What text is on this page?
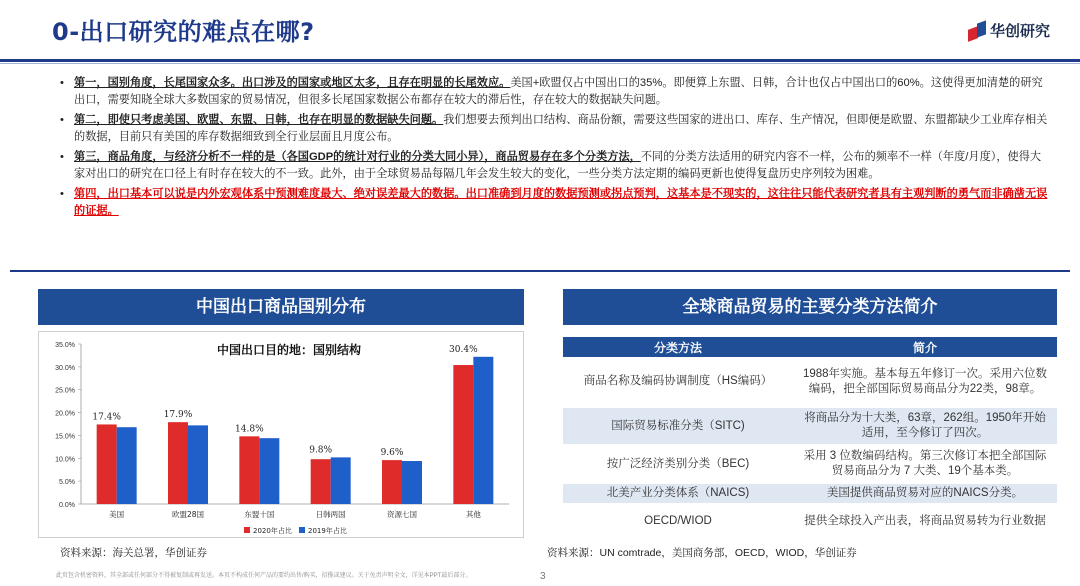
0-出口研究的难点在哪?	华创研究
• 第一，国别角度，长尾国家众多。出口涉及的国家或地区太多，且存在明显的长尾效应。美国+欧盟仅占中国出口的35%。即便算上东盟、日韩，合计也仅占中国出口的60%。这使得更加清楚的研究出口，需要知晓全球大多数国家的贸易情况，但很多长尾国家数据公布都存在较大的滞后性，存在较大的数据缺失问题。
• 第二，即使只考虑美国、欧盟、东盟、日韩，也存在明显的数据缺失问题。我们想要去预判出口结构、商品份额，需要这些国家的进出口、库存、生产情况，但即便是欧盟、东盟都缺少工业库存相关的数据，目前只有美国的库存数据细致到全行业层面且月度公布。
• 第三，商品角度，与经济分析不一样的是（各国GDP的统计对行业的分类大同小异），商品贸易存在多个分类方法，不同的分类方法适用的研究内容不一样，公布的频率不一样（年度/月度），使得大家对出口的研究在口径上有时存在较大的不一致。此外，由于全球贸易品每隔几年会发生较大的变化，一些分类方法定期的编码更新也使得复盘历史序列较为困难。
• 第四，出口基本可以说是内外宏观体系中预测难度最大、绝对误差最大的数据。出口准确到月度的数据预测或拐点预判，这基本是不现实的，这往往只能代表研究者具有主观判断的勇气而非确凿无误的证据。
中国出口商品国别分布	全球商品贸易的主要分类方法简介
0.0%
5.0%
10.0%
15.0%
20.0%
25.0%
30.0%
35.0%	中国出口目的地：国别结构
17.4%
美国
17.9%
欧盟28国
14.8%
东盟十国
9.8%
日韩两国
9.6%
资源七国
30.4%
其他
2020年占比 2019年占比
分类方法	简介
商品名称及编码协调制度（HS编码）	1988年实施。基本每五年修订一次。采用六位数编码，把全部国际贸易商品分为22类，98章。
国际贸易标准分类（SITC)	将商品分为十大类，63章，262组。1950年开始适用，至今修订了四次。
按广泛经济类别分类（BEC)	采用 3 位数编码结构。第三次修订本把全部国际贸易商品分为 7 大类、19个基本类。
北美产业分类体系（NAICS)	美国提供商品贸易对应的NAICS分类。
OECD/WIOD	提供全球投入产出表，将商品贸易转为行业数据
资料来源：海关总署，华创证券	资料来源：UN comtrade，美国商务部，OECD，WIOD，华创证券
此页包含机密资料，其全部或任何部分不得被复制或再发送。本页不构成任何产品的要约出售/购买，招揽或建议。关于免责声明全文，详见本PPT最后部分。	3
